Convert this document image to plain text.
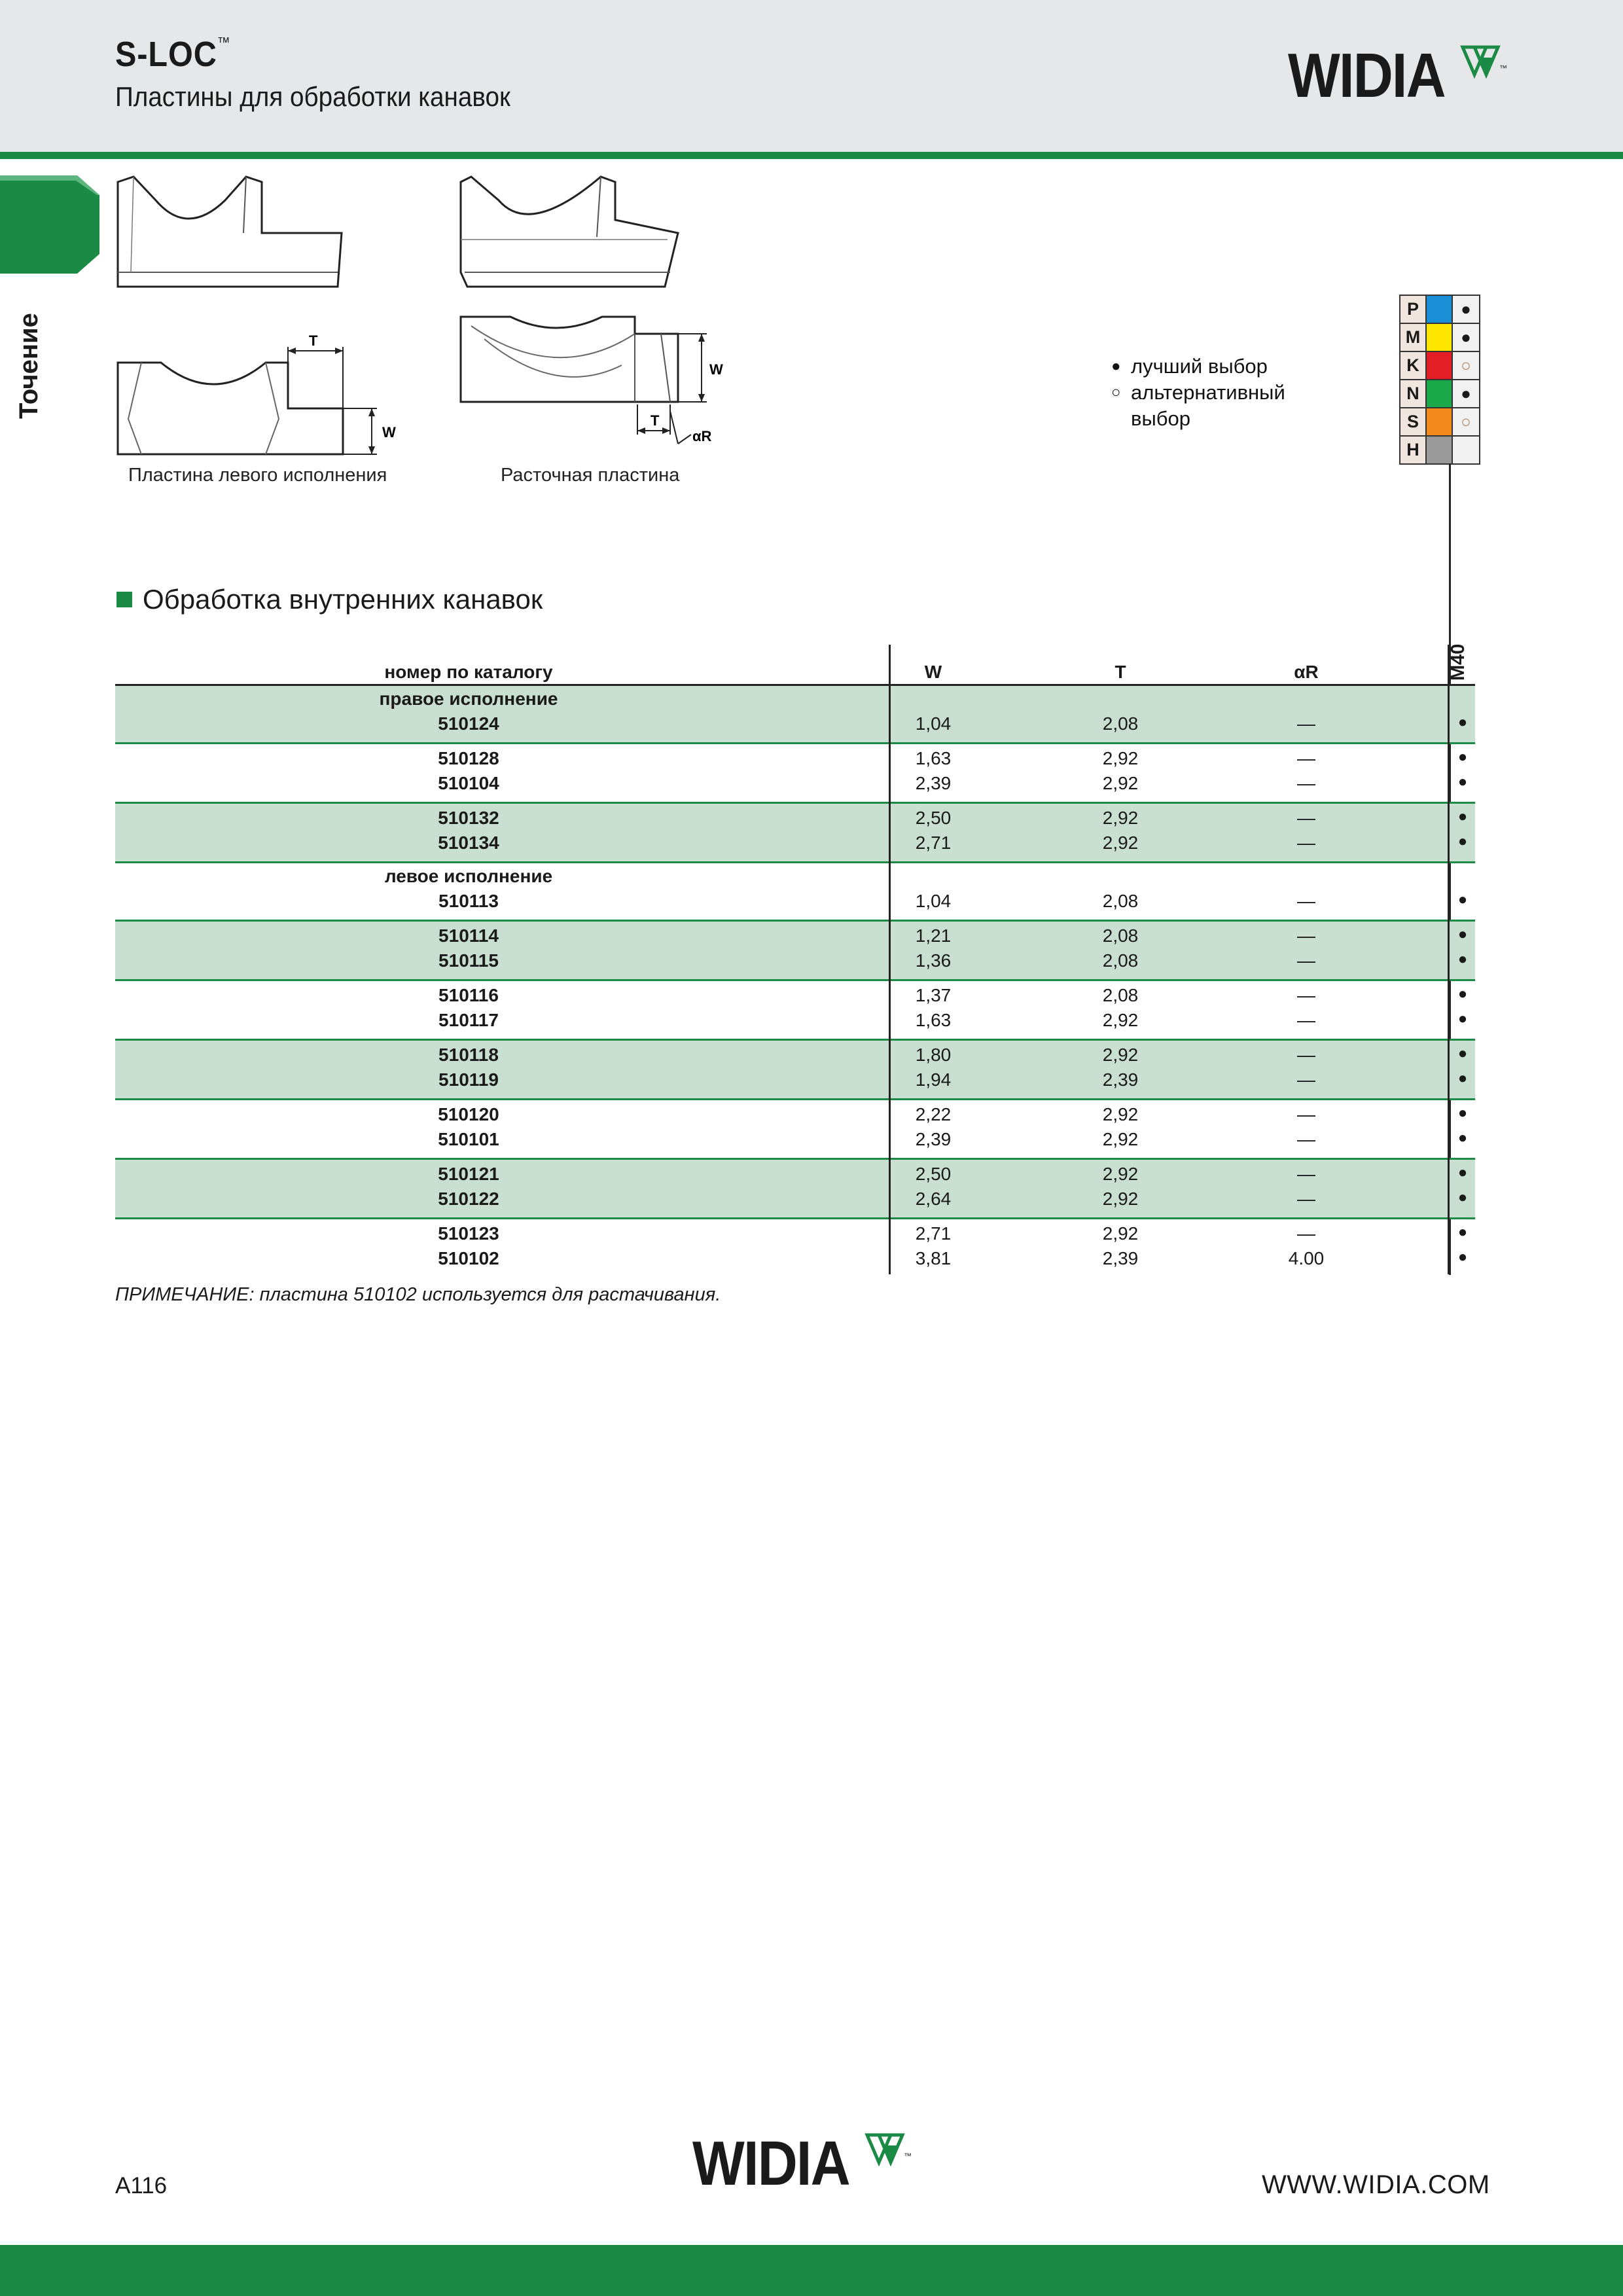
S-LOC™
Пластины для обработки канавок	WIDIA	™
Точение	T
W
W
T
αR
Пластина левого исполнения	Расточная пластина
● лучший выбор
○ альтернативный
выбор
P		●
M		●
K		○
N		●
S		○
H		
Обработка внутренних канавок
номер по каталогу	W	T	αR
правое исполнение
510124	1,04	2,08	—	●
510128	1,63	2,92	—	●
510104	2,39	2,92	—	●
510132	2,50	2,92	—	●
510134	2,71	2,92	—	●
левое исполнение
510113	1,04	2,08	—	●
510114	1,21	2,08	—	●
510115	1,36	2,08	—	●
510116	1,37	2,08	—	●
510117	1,63	2,92	—	●
510118	1,80	2,92	—	●
510119	1,94	2,39	—	●
510120	2,22	2,92	—	●
510101	2,39	2,92	—	●
510121	2,50	2,92	—	●
510122	2,64	2,92	—	●
510123	2,71	2,92	—	●
510102	3,81	2,39	4.00	●
M40
ПРИМЕЧАНИЕ: пластина 510102 используется для растачивания.
A116	WIDIA	™
WWW.WIDIA.COM
